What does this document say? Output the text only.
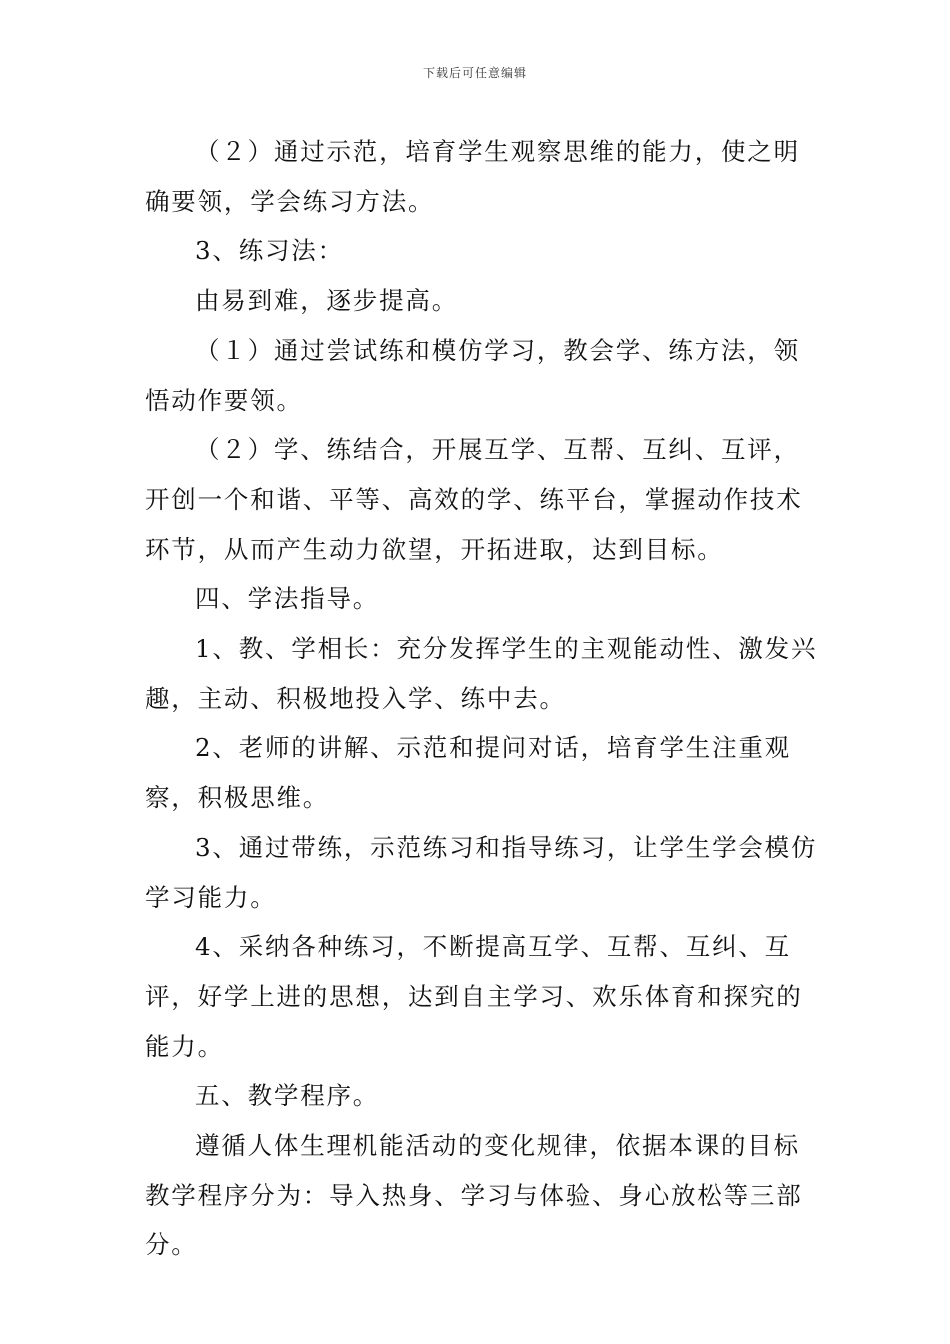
下载后可任意编辑

（２）通过示范，培育学生观察思维的能力，使之明确要领，学会练习方法。

3、练习法：

由易到难，逐步提高。

（１）通过尝试练和模仿学习，教会学、练方法，领悟动作要领。

（２）学、练结合，开展互学、互帮、互纠、互评，开创一个和谐、平等、高效的学、练平台，掌握动作技术环节，从而产生动力欲望，开拓进取，达到目标。

四、学法指导。

1、教、学相长：充分发挥学生的主观能动性、激发兴趣，主动、积极地投入学、练中去。

2、老师的讲解、示范和提问对话，培育学生注重观察，积极思维。

3、通过带练，示范练习和指导练习，让学生学会模仿学习能力。

4、采纳各种练习，不断提高互学、互帮、互纠、互评，好学上进的思想，达到自主学习、欢乐体育和探究的能力。

五、教学程序。

遵循人体生理机能活动的变化规律，依据本课的目标教学程序分为：导入热身、学习与体验、身心放松等三部分。
